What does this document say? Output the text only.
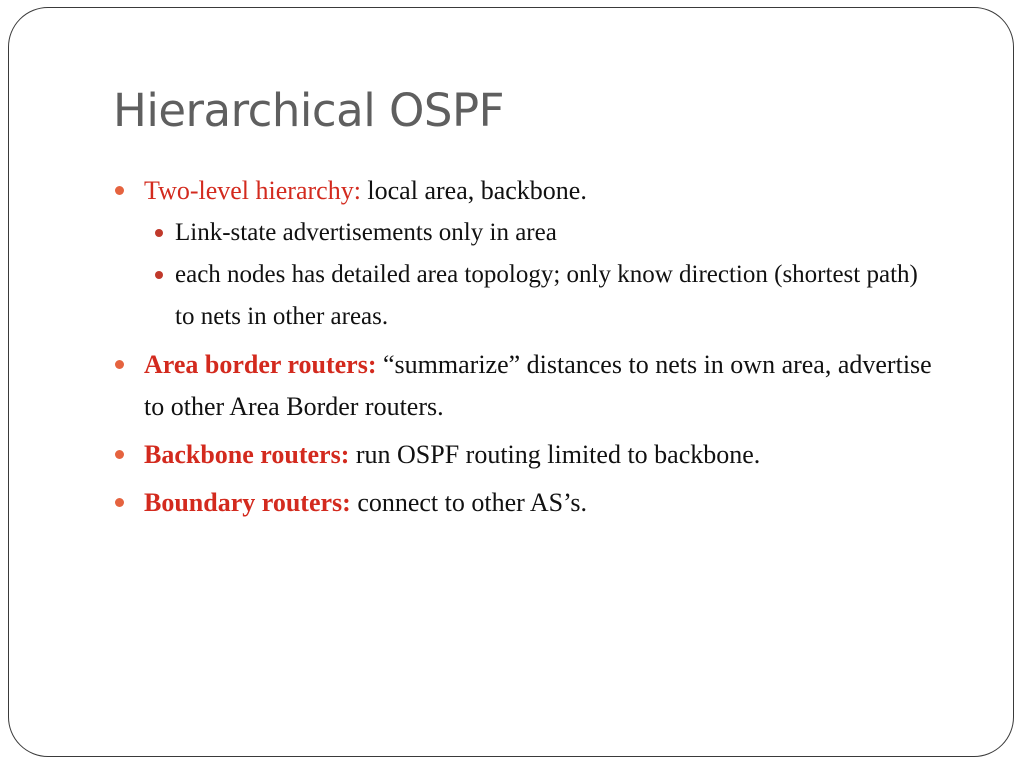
Hierarchical OSPF
Two-level hierarchy: local area, backbone.
Link-state advertisements only in area
each nodes has detailed area topology; only know direction (shortest path) to nets in other areas.
Area border routers: “summarize” distances to nets in own area, advertise to other Area Border routers.
Backbone routers: run OSPF routing limited to backbone.
Boundary routers: connect to other AS’s.
